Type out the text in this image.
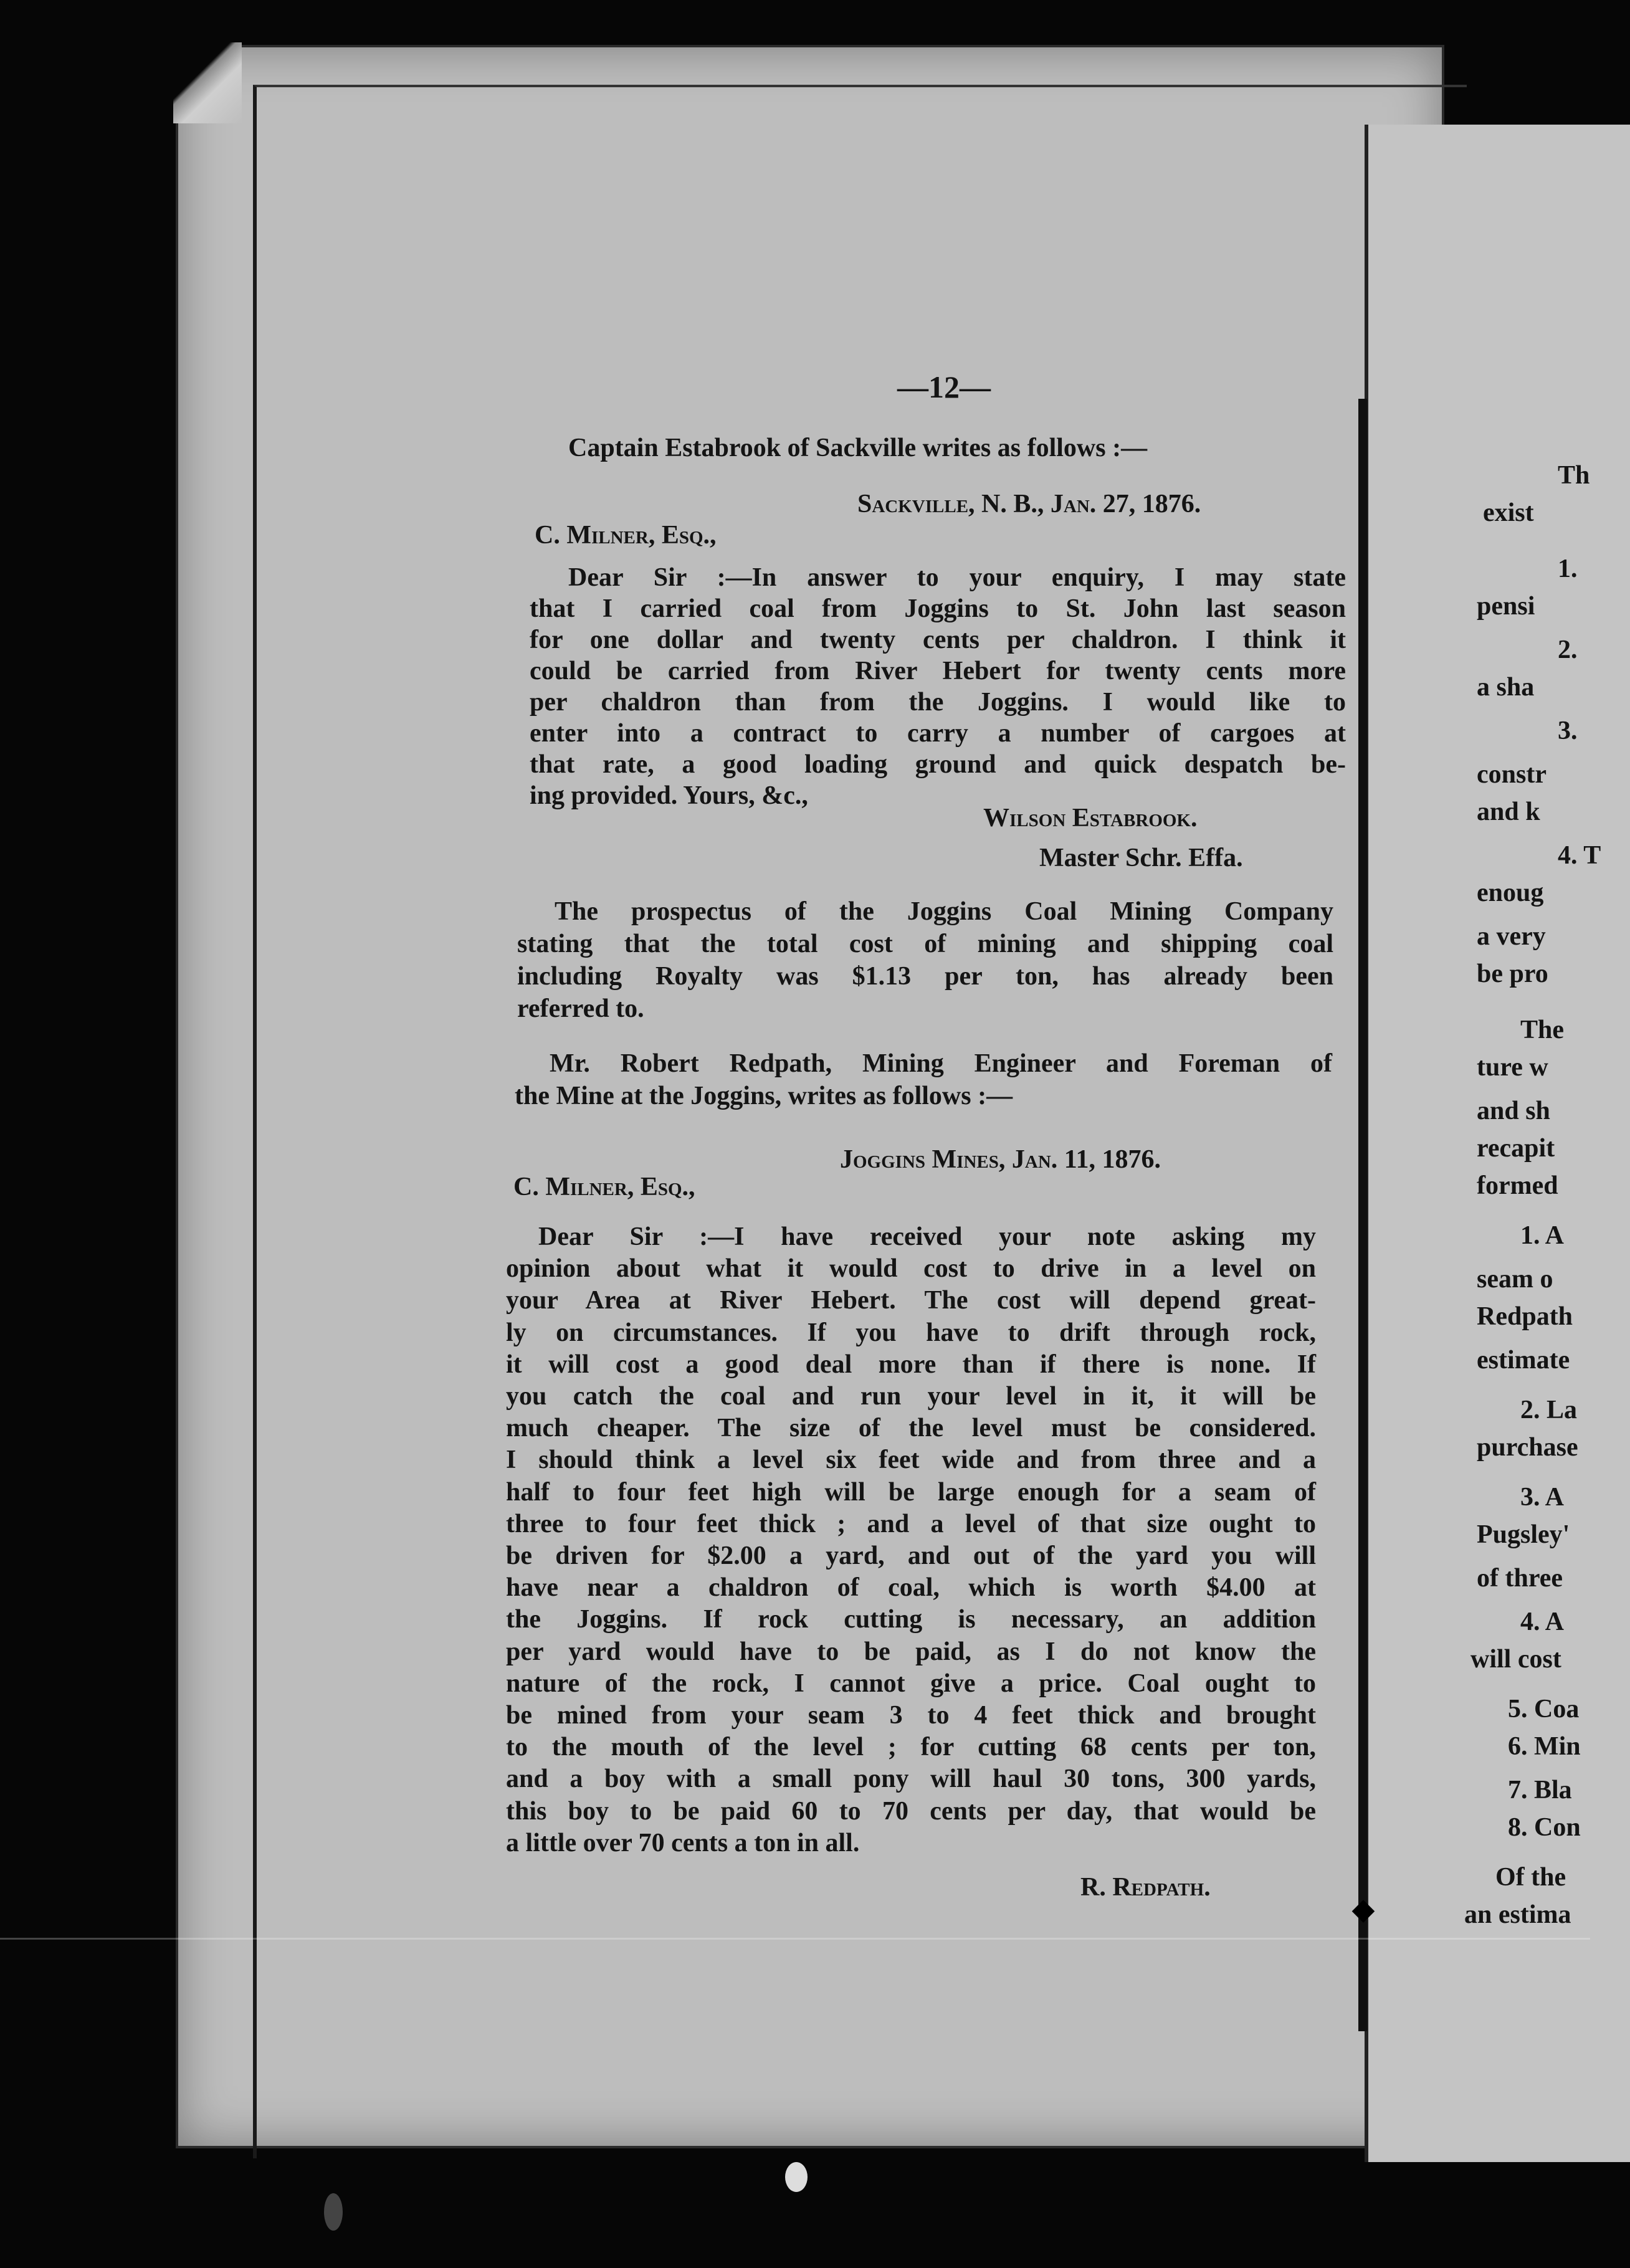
◆
—12—
Captain Estabrook of Sackville writes as follows :—
Sackville, N. B., Jan. 27, 1876.
C. Milner, Esq.,
Dear Sir :—In answer to your enquiry, I may state
that I carried coal from Joggins to St. John last season
for one dollar and twenty cents per chaldron. I think it
could be carried from River Hebert for twenty cents more
per chaldron than from the Joggins. I would like to
enter into a contract to carry a number of cargoes at
that rate, a good loading ground and quick despatch be-
ing provided. Yours, &c.,
Wilson Estabrook.
Master Schr. Effa.
The prospectus of the Joggins Coal Mining Company
stating that the total cost of mining and shipping coal
including Royalty was $1.13 per ton, has already been
referred to.
Mr. Robert Redpath, Mining Engineer and Foreman of
the Mine at the Joggins, writes as follows :—
Joggins Mines, Jan. 11, 1876.
C. Milner, Esq.,
Dear Sir :—I have received your note asking my
opinion about what it would cost to drive in a level on
your Area at River Hebert. The cost will depend great-
ly on circumstances. If you have to drift through rock,
it will cost a good deal more than if there is none. If
you catch the coal and run your level in it, it will be
much cheaper. The size of the level must be considered.
I should think a level six feet wide and from three and a
half to four feet high will be large enough for a seam of
three to four feet thick ; and a level of that size ought to
be driven for $2.00 a yard, and out of the yard you will
have near a chaldron of coal, which is worth $4.00 at
the Joggins. If rock cutting is necessary, an addition
per yard would have to be paid, as I do not know the
nature of the rock, I cannot give a price. Coal ought to
be mined from your seam 3 to 4 feet thick and brought
to the mouth of the level ; for cutting 68 cents per ton,
and a boy with a small pony will haul 30 tons, 300 yards,
this boy to be paid 60 to 70 cents per day, that would be
a little over 70 cents a ton in all.
R. Redpath.
Th
exist
1.
pensi
2.
a sha
3.
constr
and k
4. T
enoug
a very
be pro
The
ture w
and sh
recapit
formed
1. A
seam o
Redpath
estimate
2. La
purchase
3. A
Pugsley'
of three
4. A
will cost
5. Coa
6. Min
7. Bla
8. Con
Of the
an estima
